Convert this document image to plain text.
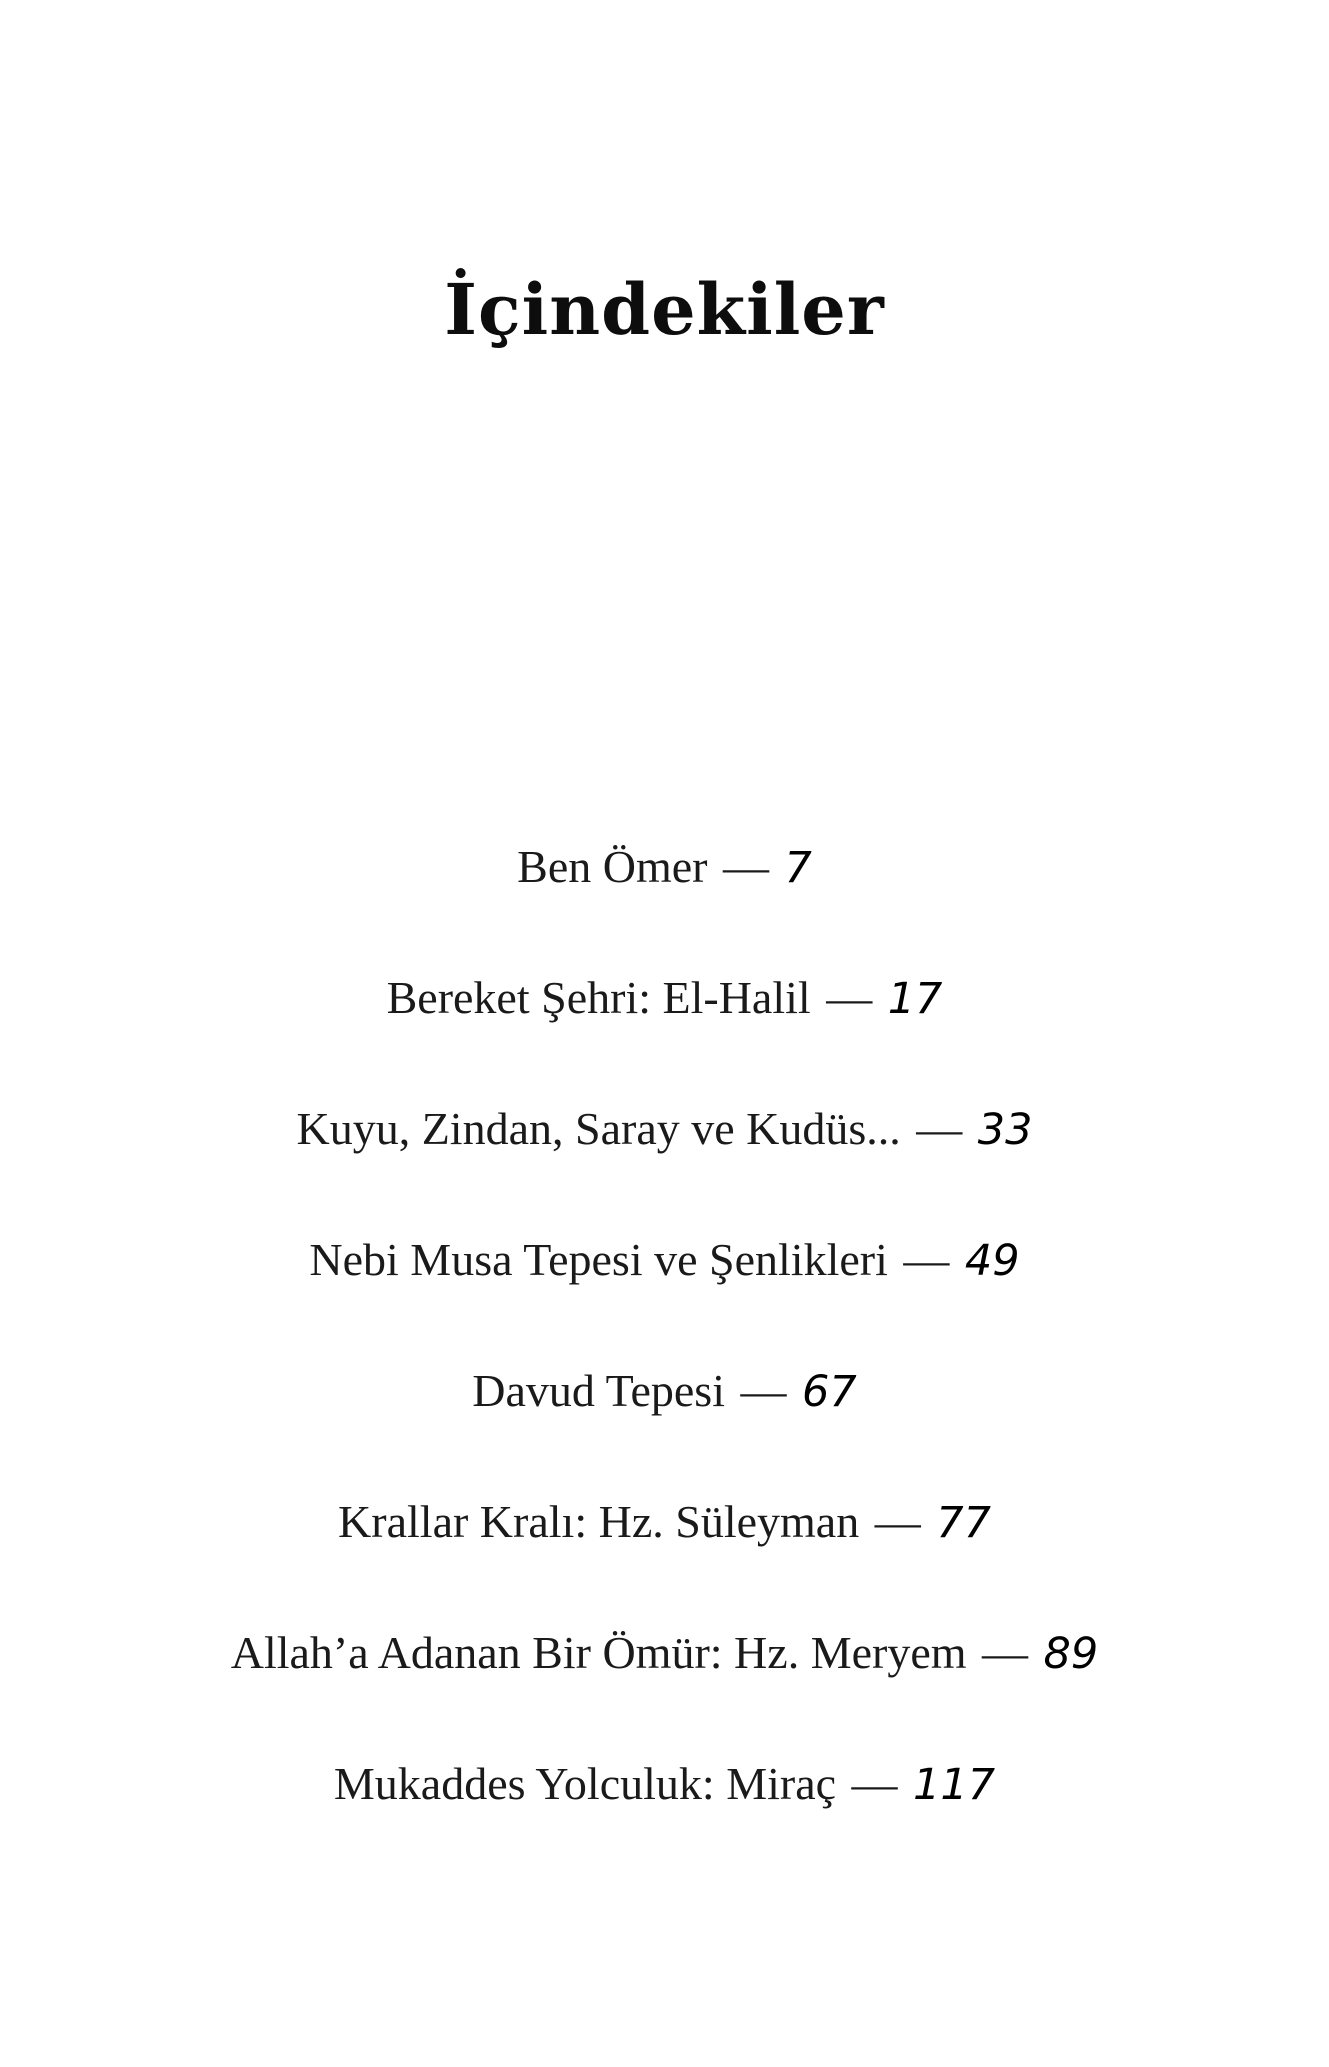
İçindekiler
Ben Ömer — 7
Bereket Şehri: El-Halil — 17
Kuyu, Zindan, Saray ve Kudüs... — 33
Nebi Musa Tepesi ve Şenlikleri — 49
Davud Tepesi — 67
Krallar Kralı: Hz. Süleyman — 77
Allah’a Adanan Bir Ömür: Hz. Meryem — 89
Mukaddes Yolculuk: Miraç — 117
